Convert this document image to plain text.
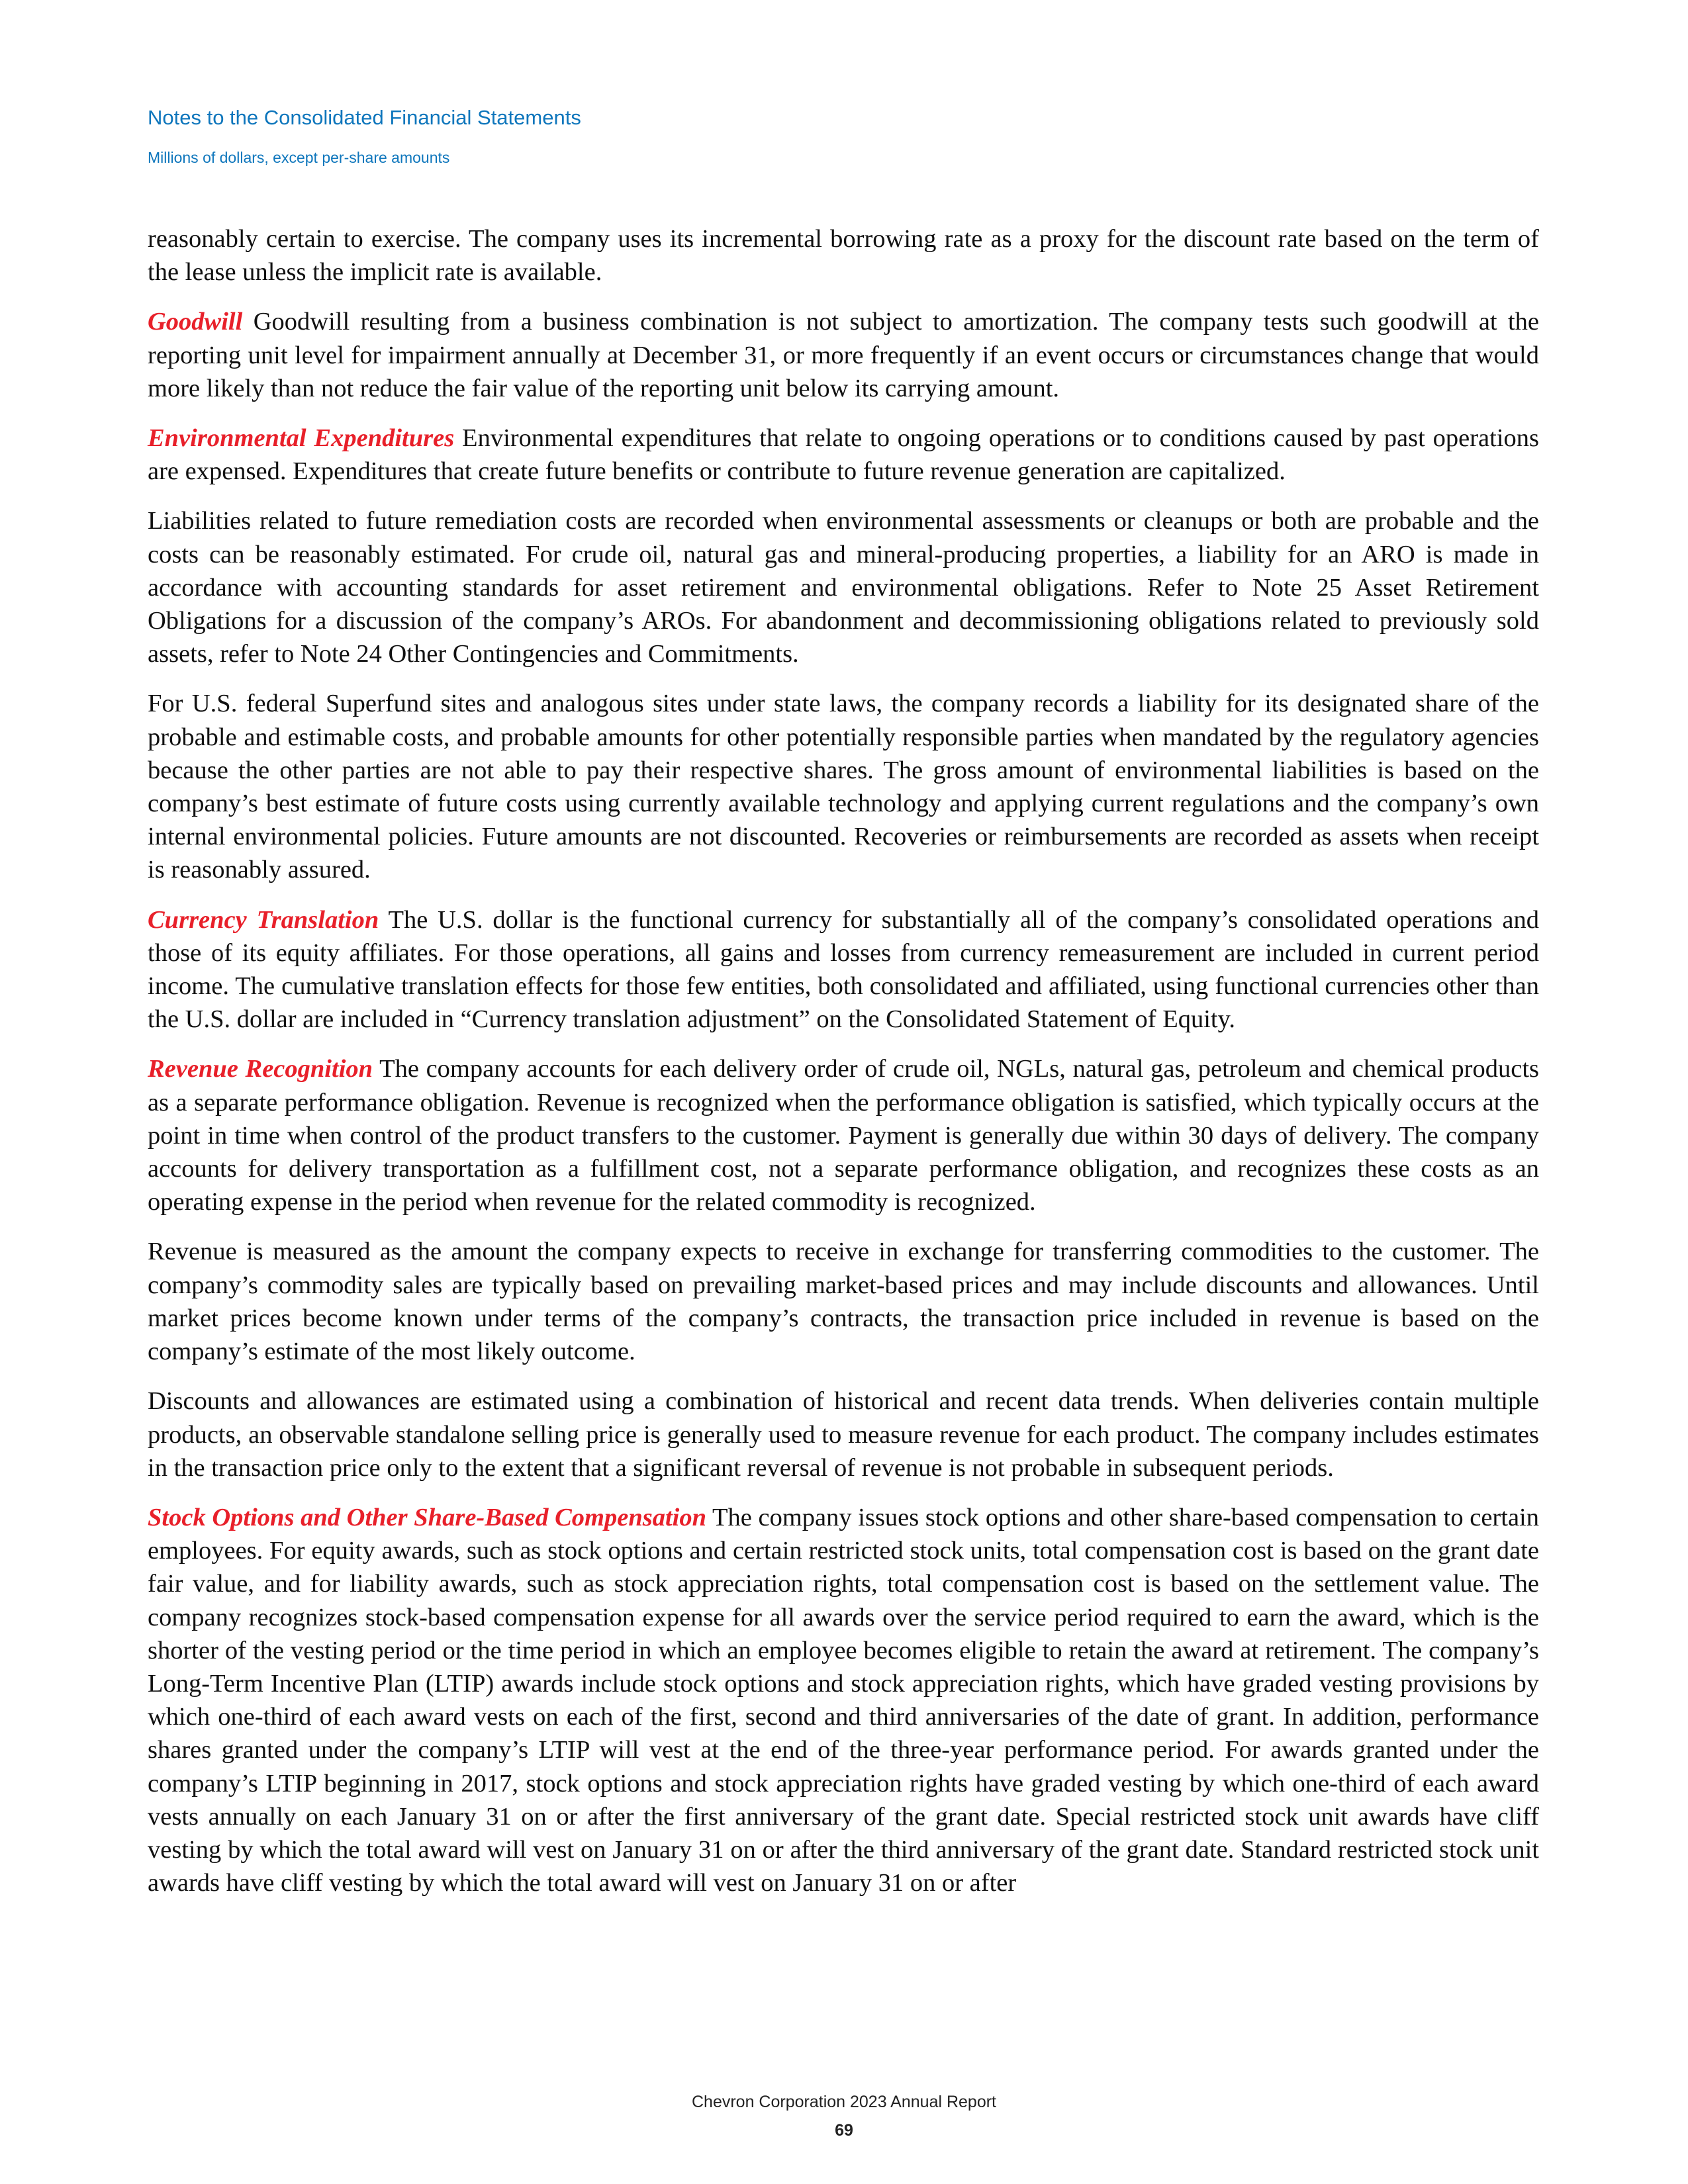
Notes to the Consolidated Financial Statements
Millions of dollars, except per-share amounts

reasonably certain to exercise. The company uses its incremental borrowing rate as a proxy for the discount rate based on the term of the lease unless the implicit rate is available.

Goodwill Goodwill resulting from a business combination is not subject to amortization. The company tests such goodwill at the reporting unit level for impairment annually at December 31, or more frequently if an event occurs or circumstances change that would more likely than not reduce the fair value of the reporting unit below its carrying amount.

Environmental Expenditures Environmental expenditures that relate to ongoing operations or to conditions caused by past operations are expensed. Expenditures that create future benefits or contribute to future revenue generation are capitalized.

Liabilities related to future remediation costs are recorded when environmental assessments or cleanups or both are probable and the costs can be reasonably estimated. For crude oil, natural gas and mineral-producing properties, a liability for an ARO is made in accordance with accounting standards for asset retirement and environmental obligations. Refer to Note 25 Asset Retirement Obligations for a discussion of the company’s AROs. For abandonment and decommissioning obligations related to previously sold assets, refer to Note 24 Other Contingencies and Commitments.

For U.S. federal Superfund sites and analogous sites under state laws, the company records a liability for its designated share of the probable and estimable costs, and probable amounts for other potentially responsible parties when mandated by the regulatory agencies because the other parties are not able to pay their respective shares. The gross amount of environmental liabilities is based on the company’s best estimate of future costs using currently available technology and applying current regulations and the company’s own internal environmental policies. Future amounts are not discounted. Recoveries or reimbursements are recorded as assets when receipt is reasonably assured.

Currency Translation The U.S. dollar is the functional currency for substantially all of the company’s consolidated operations and those of its equity affiliates. For those operations, all gains and losses from currency remeasurement are included in current period income. The cumulative translation effects for those few entities, both consolidated and affiliated, using functional currencies other than the U.S. dollar are included in “Currency translation adjustment” on the Consolidated Statement of Equity.

Revenue Recognition The company accounts for each delivery order of crude oil, NGLs, natural gas, petroleum and chemical products as a separate performance obligation. Revenue is recognized when the performance obligation is satisfied, which typically occurs at the point in time when control of the product transfers to the customer. Payment is generally due within 30 days of delivery. The company accounts for delivery transportation as a fulfillment cost, not a separate performance obligation, and recognizes these costs as an operating expense in the period when revenue for the related commodity is recognized.

Revenue is measured as the amount the company expects to receive in exchange for transferring commodities to the customer. The company’s commodity sales are typically based on prevailing market-based prices and may include discounts and allowances. Until market prices become known under terms of the company’s contracts, the transaction price included in revenue is based on the company’s estimate of the most likely outcome.

Discounts and allowances are estimated using a combination of historical and recent data trends. When deliveries contain multiple products, an observable standalone selling price is generally used to measure revenue for each product. The company includes estimates in the transaction price only to the extent that a significant reversal of revenue is not probable in subsequent periods.

Stock Options and Other Share-Based Compensation The company issues stock options and other share-based compensation to certain employees. For equity awards, such as stock options and certain restricted stock units, total compensation cost is based on the grant date fair value, and for liability awards, such as stock appreciation rights, total compensation cost is based on the settlement value. The company recognizes stock-based compensation expense for all awards over the service period required to earn the award, which is the shorter of the vesting period or the time period in which an employee becomes eligible to retain the award at retirement. The company’s Long-Term Incentive Plan (LTIP) awards include stock options and stock appreciation rights, which have graded vesting provisions by which one-third of each award vests on each of the first, second and third anniversaries of the date of grant. In addition, performance shares granted under the company’s LTIP will vest at the end of the three-year performance period. For awards granted under the company’s LTIP beginning in 2017, stock options and stock appreciation rights have graded vesting by which one-third of each award vests annually on each January 31 on or after the first anniversary of the grant date. Special restricted stock unit awards have cliff vesting by which the total award will vest on January 31 on or after the third anniversary of the grant date. Standard restricted stock unit awards have cliff vesting by which the total award will vest on January 31 on or after

Chevron Corporation 2023 Annual Report
69
